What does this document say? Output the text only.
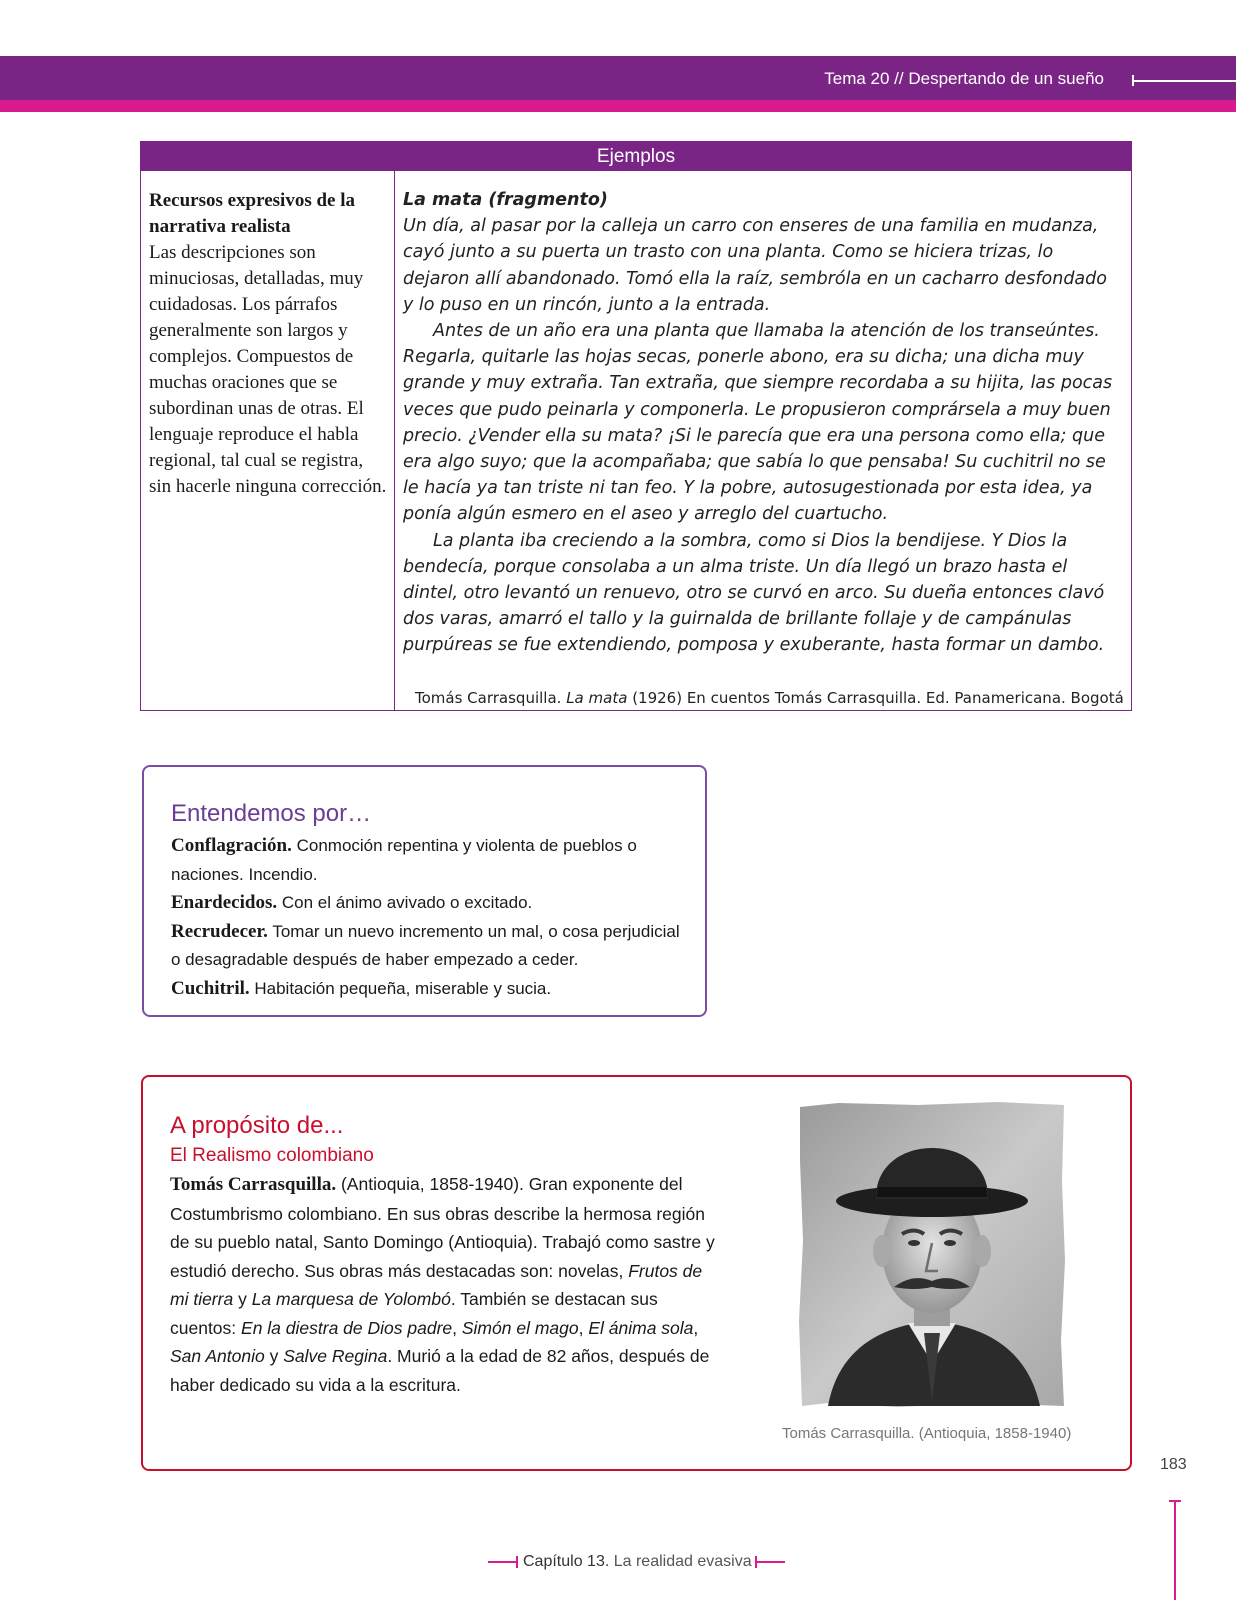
Tema 20 // Despertando de un sueño
Ejemplos
Recursos expresivos de la narrativa realista
Las descripciones son minuciosas, detalladas, muy cuidadosas. Los párrafos generalmente son largos y complejos. Compuestos de muchas oraciones que se subordinan unas de otras. El lenguaje reproduce el habla regional, tal cual se registra, sin hacerle ninguna corrección.
La mata (fragmento)

Un día, al pasar por la calleja un carro con enseres de una familia en mudanza, cayó junto a su puerta un trasto con una planta. Como se hiciera trizas, lo dejaron allí abandonado. Tomó ella la raíz, sembróla en un cacharro desfondado y lo puso en un rincón, junto a la entrada.

Antes de un año era una planta que llamaba la atención de los transeúntes. Regarla, quitarle las hojas secas, ponerle abono, era su dicha; una dicha muy grande y muy extraña. Tan extraña, que siempre recordaba a su hijita, las pocas veces que pudo peinarla y componerla. Le propusieron comprársela a muy buen precio. ¿Vender ella su mata? ¡Si le parecía que era una persona como ella; que era algo suyo; que la acompañaba; que sabía lo que pensaba! Su cuchitril no se le hacía ya tan triste ni tan feo. Y la pobre, autosugestionada por esta idea, ya ponía algún esmero en el aseo y arreglo del cuartucho.

La planta iba creciendo a la sombra, como si Dios la bendijese. Y Dios la bendecía, porque consolaba a un alma triste. Un día llegó un brazo hasta el dintel, otro levantó un renuevo, otro se curvó en arco. Su dueña entonces clavó dos varas, amarró el tallo y la guirnalda de brillante follaje y de campánulas purpúreas se fue extendiendo, pomposa y exuberante, hasta formar un dambo.

Tomás Carrasquilla. La mata (1926) En cuentos Tomás Carrasquilla. Ed. Panamericana. Bogotá
Entendemos por…
Conflagración. Conmoción repentina y violenta de pueblos o naciones. Incendio.
Enardecidos. Con el ánimo avivado o excitado.
Recrudecer. Tomar un nuevo incremento un mal, o cosa perjudicial o desagradable después de haber empezado a ceder.
Cuchitril. Habitación pequeña, miserable y sucia.
A propósito de...
El Realismo colombiano
Tomás Carrasquilla. (Antioquia, 1858-1940). Gran exponente del Costumbrismo colombiano. En sus obras describe la hermosa región de su pueblo natal, Santo Domingo (Antioquia). Trabajó como sastre y estudió derecho. Sus obras más destacadas son: novelas, Frutos de mi tierra y La marquesa de Yolombó. También se destacan sus cuentos: En la diestra de Dios padre, Simón el mago, El ánima sola, San Antonio y Salve Regina. Murió a la edad de 82 años, después de haber dedicado su vida a la escritura.
Tomás Carrasquilla. (Antioquia, 1858-1940)
183
Capítulo 13. La realidad evasiva
